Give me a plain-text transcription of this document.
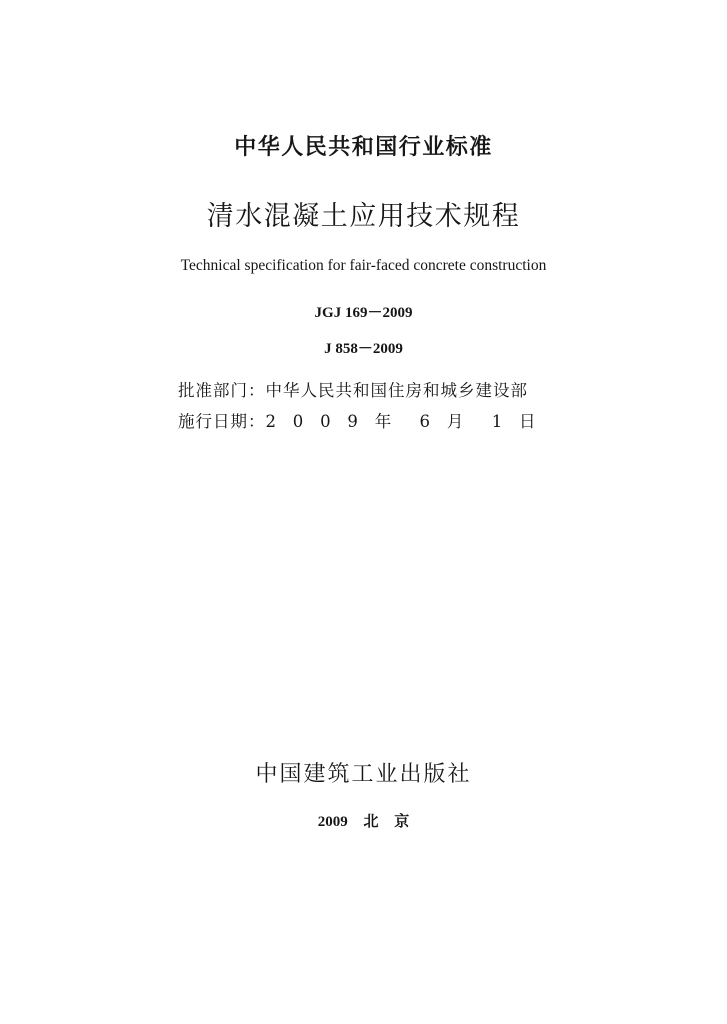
中华人民共和国行业标准
清水混凝土应用技术规程
Technical specification for fair-faced concrete construction
JGJ 169－2009
J 858－2009
批准部门：中华人民共和国住房和城乡建设部
施行日期：2 0 0 9 年 6 月 1 日
中国建筑工业出版社
2009 北 京
